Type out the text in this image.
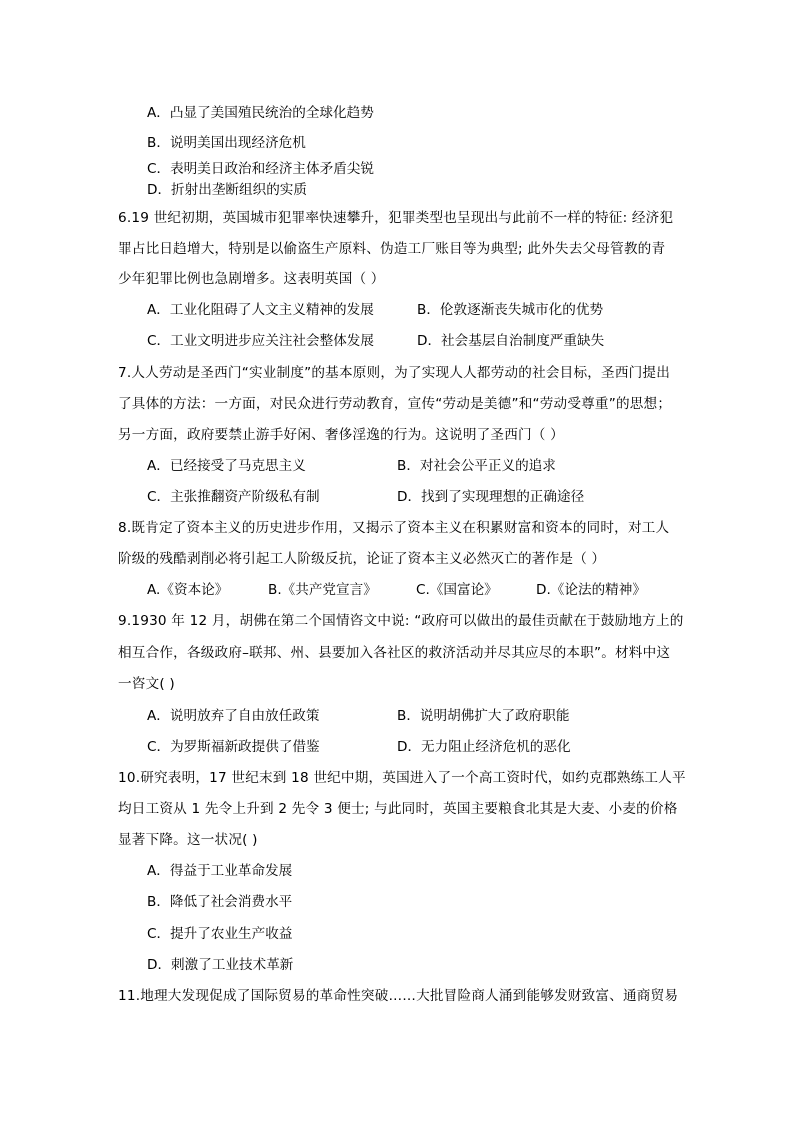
A．凸显了美国殖民统治的全球化趋势
B．说明美国出现经济危机
C．表明美日政治和经济主体矛盾尖锐
D．折射出垄断组织的实质
6.19 世纪初期，英国城市犯罪率快速攀升，犯罪类型也呈现出与此前不一样的特征: 经济犯
罪占比日趋增大，特别是以偷盗生产原料、伪造工厂账目等为典型; 此外失去父母管教的青
少年犯罪比例也急剧增多。这表明英国（ ）
A．工业化阻碍了人文主义精神的发展	B．伦敦逐渐丧失城市化的优势
C．工业文明进步应关注社会整体发展	D．社会基层自治制度严重缺失
7.人人劳动是圣西门“实业制度”的基本原则，为了实现人人都劳动的社会目标，圣西门提出
了具体的方法：一方面，对民众进行劳动教育，宣传“劳动是美德”和“劳动受尊重”的思想；
另一方面，政府要禁止游手好闲、奢侈淫逸的行为。这说明了圣西门（ ）
A．已经接受了马克思主义	B．对社会公平正义的追求
C．主张推翻资产阶级私有制	D．找到了实现理想的正确途径
8.既肯定了资本主义的历史进步作用，又揭示了资本主义在积累财富和资本的同时，对工人
阶级的残酷剥削必将引起工人阶级反抗，论证了资本主义必然灭亡的著作是（ ）
A.《资本论》	B.《共产党宣言》	C.《国富论》	D.《论法的精神》
9.1930 年 12 月，胡佛在第二个国情咨文中说: “政府可以做出的最佳贡献在于鼓励地方上的
相互合作，各级政府–联邦、州、县要加入各社区的救济活动并尽其应尽的本职”。材料中这
一咨文( )
A．说明放弃了自由放任政策	B．说明胡佛扩大了政府职能
C．为罗斯福新政提供了借鉴	D．无力阻止经济危机的恶化
10.研究表明，17 世纪末到 18 世纪中期，英国进入了一个高工资时代，如约克郡熟练工人平
均日工资从 1 先令上升到 2 先令 3 便士; 与此同时，英国主要粮食北其是大麦、小麦的价格
显著下降。这一状况( )
A．得益于工业革命发展
B．降低了社会消费水平
C．提升了农业生产收益
D．刺激了工业技术革新
11.地理大发现促成了国际贸易的革命性突破……大批冒险商人涌到能够发财致富、通商贸易
